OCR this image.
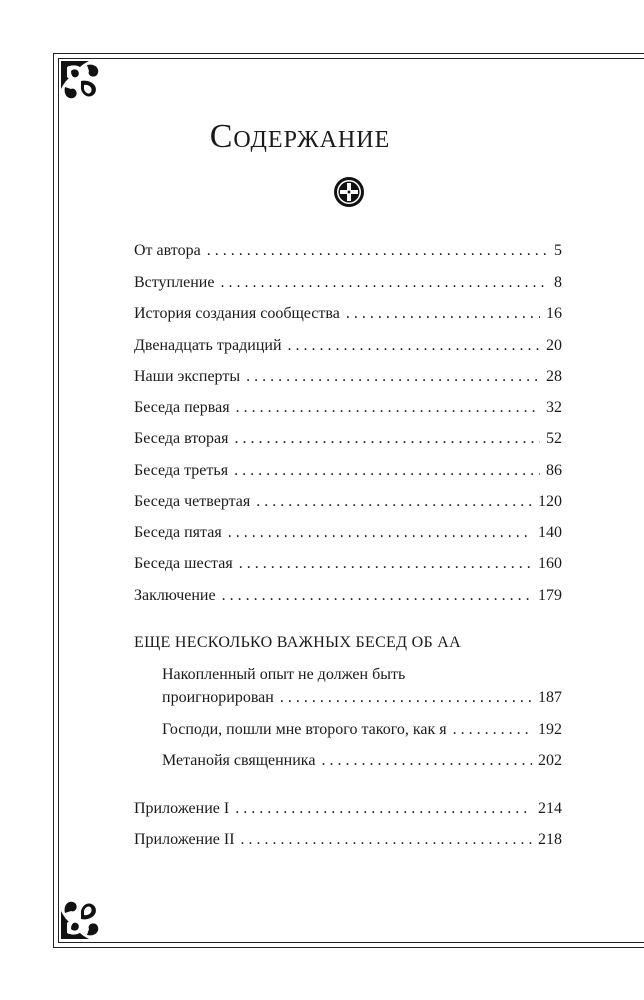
Содержание
От автора . . .	5
Вступление . . .	8
История создания сообщества . . .	16
Двенадцать традиций . . .	20
Наши эксперты . . .	28
Беседа первая . . .	32
Беседа вторая . . .	52
Беседа третья . . .	86
Беседа четвертая . . .	120
Беседа пятая . . .	140
Беседа шестая . . .	160
Заключение . . .	179
ЕЩЕ НЕСКОЛЬКО ВАЖНЫХ БЕСЕД ОБ АА
Накопленный опыт не должен быть
проигнорирован . . .	187
Господи, пошли мне второго такого, как я . . .	192
Метанойя священника . . .	202
Приложение I . . .	214
Приложение II . . .	218
